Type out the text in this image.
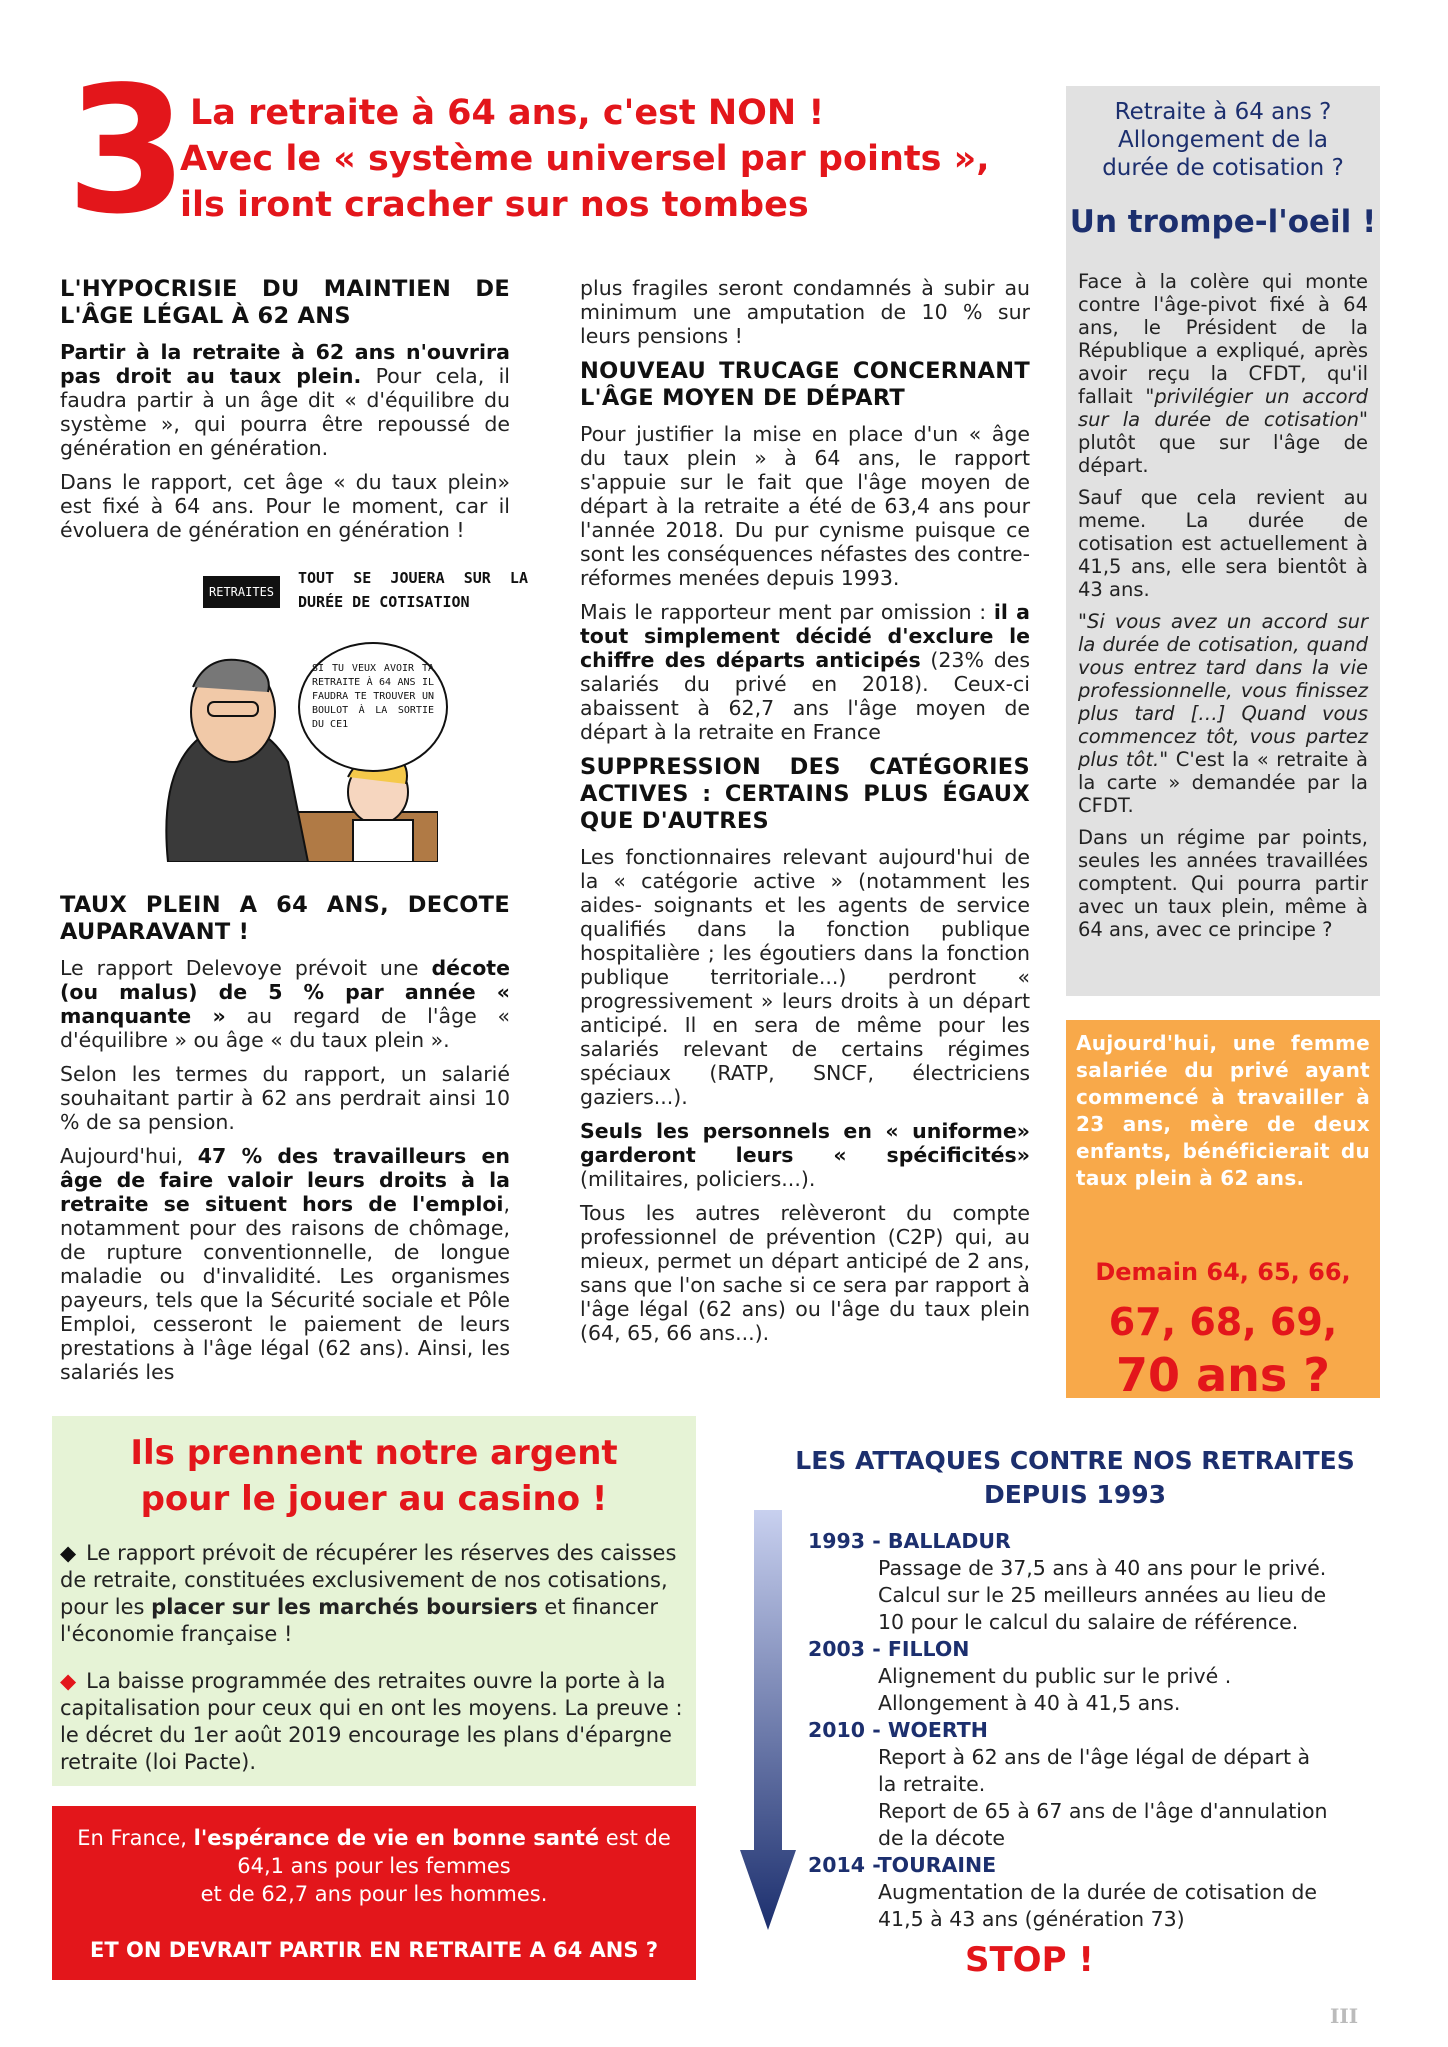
3 La retraite à 64 ans, c'est NON !
Avec le « système universel par points »,
ils iront cracher sur nos tombes
L'HYPOCRISIE DU MAINTIEN DE L'ÂGE LÉGAL À 62 ANS

Partir à la retraite à 62 ans n'ouvrira pas droit au taux plein. Pour cela, il faudra partir à un âge dit « d'équilibre du système », qui pourra être repoussé de génération en génération.

Dans le rapport, cet âge « du taux plein» est fixé à 64 ans. Pour le moment, car il évoluera de génération en génération !

RETRAITES
TOUT SE JOUERA SUR LA DURÉE DE COTISATION
SI TU VEUX AVOIR TA RETRAITE À 64 ANS IL FAUDRA TE TROUVER UN BOULOT À LA SORTIE DU CE1
TAUX PLEIN A 64 ANS, DECOTE AUPARAVANT !

Le rapport Delevoye prévoit une décote (ou malus) de 5 % par année « manquante » au regard de l'âge « d'équilibre » ou âge « du taux plein ».

Selon les termes du rapport, un salarié souhaitant partir à 62 ans perdrait ainsi 10 % de sa pension.

Aujourd'hui, 47 % des travailleurs en âge de faire valoir leurs droits à la retraite se situent hors de l'emploi, notamment pour des raisons de chômage, de rupture conventionnelle, de longue maladie ou d'invalidité. Les organismes payeurs, tels que la Sécurité sociale et Pôle Emploi, cesseront le paiement de leurs prestations à l'âge légal (62 ans). Ainsi, les salariés les

plus fragiles seront condamnés à subir au minimum une amputation de 10 % sur leurs pensions !

NOUVEAU TRUCAGE CONCERNANT L'ÂGE MOYEN DE DÉPART

Pour justifier la mise en place d'un « âge du taux plein » à 64 ans, le rapport s'appuie sur le fait que l'âge moyen de départ à la retraite a été de 63,4 ans pour l'année 2018. Du pur cynisme puisque ce sont les conséquences néfastes des contre-réformes menées depuis 1993.

Mais le rapporteur ment par omission : il a tout simplement décidé d'exclure le chiffre des départs anticipés (23% des salariés du privé en 2018). Ceux-ci abaissent à 62,7 ans l'âge moyen de départ à la retraite en France

SUPPRESSION DES CATÉGORIES ACTIVES : CERTAINS PLUS ÉGAUX QUE D'AUTRES

Les fonctionnaires relevant aujourd'hui de la « catégorie active » (notamment les aides- soignants et les agents de service qualifiés dans la fonction publique hospitalière ; les égoutiers dans la fonction publique territoriale...) perdront « progressivement » leurs droits à un départ anticipé. Il en sera de même pour les salariés relevant de certains régimes spéciaux (RATP, SNCF, électriciens gaziers...).

Seuls les personnels en « uniforme» garderont leurs « spécificités» (militaires, policiers...).

Tous les autres relèveront du compte professionnel de prévention (C2P) qui, au mieux, permet un départ anticipé de 2 ans, sans que l'on sache si ce sera par rapport à l'âge légal (62 ans) ou l'âge du taux plein (64, 65, 66 ans...).

Retraite à 64 ans ?
Allongement de la
durée de cotisation ?
Un trompe-l'oeil !

Face à la colère qui monte contre l'âge-pivot fixé à 64 ans, le Président de la République a expliqué, après avoir reçu la CFDT, qu'il fallait "privilégier un accord sur la durée de cotisation" plutôt que sur l'âge de départ.

Sauf que cela revient au meme. La durée de cotisation est actuellement à 41,5 ans, elle sera bientôt à 43 ans.

"Si vous avez un accord sur la durée de cotisation, quand vous entrez tard dans la vie professionnelle, vous finissez plus tard […] Quand vous commencez tôt, vous partez plus tôt." C'est la « retraite à la carte » demandée par la CFDT.

Dans un régime par points, seules les années travaillées comptent. Qui pourra partir avec un taux plein, même à 64 ans, avec ce principe ?

Aujourd'hui, une femme salariée du privé ayant commencé à travailler à 23 ans, mère de deux enfants, bénéficierait du taux plein à 62 ans.
Demain 64, 65, 66,
67, 68, 69,
70 ans ?
Ils prennent notre argent
pour le jouer au casino !
◆ Le rapport prévoit de récupérer les réserves des caisses de retraite, constituées exclusivement de nos cotisations, pour les placer sur les marchés boursiers et financer l'économie française !
◆ La baisse programmée des retraites ouvre la porte à la capitalisation pour ceux qui en ont les moyens. La preuve : le décret du 1er août 2019 encourage les plans d'épargne retraite (loi Pacte).
En France, l'espérance de vie en bonne santé est de
64,1 ans pour les femmes
et de 62,7 ans pour les hommes.
ET ON DEVRAIT PARTIR EN RETRAITE A 64 ANS ?
LES ATTAQUES CONTRE NOS RETRAITES
DEPUIS 1993
1993 - BALLADUR
Passage de 37,5 ans à 40 ans pour le privé.
Calcul sur le 25 meilleurs années au lieu de
10 pour le calcul du salaire de référence.
2003 - FILLON
Alignement du public sur le privé .
Allongement à 40 à 41,5 ans.
2010 - WOERTH
Report à 62 ans de l'âge légal de départ à
la retraite.
Report de 65 à 67 ans de l'âge d'annulation
de la décote
2014 -TOURAINE
Augmentation de la durée de cotisation de
41,5 à 43 ans (génération 73)
STOP !
III
